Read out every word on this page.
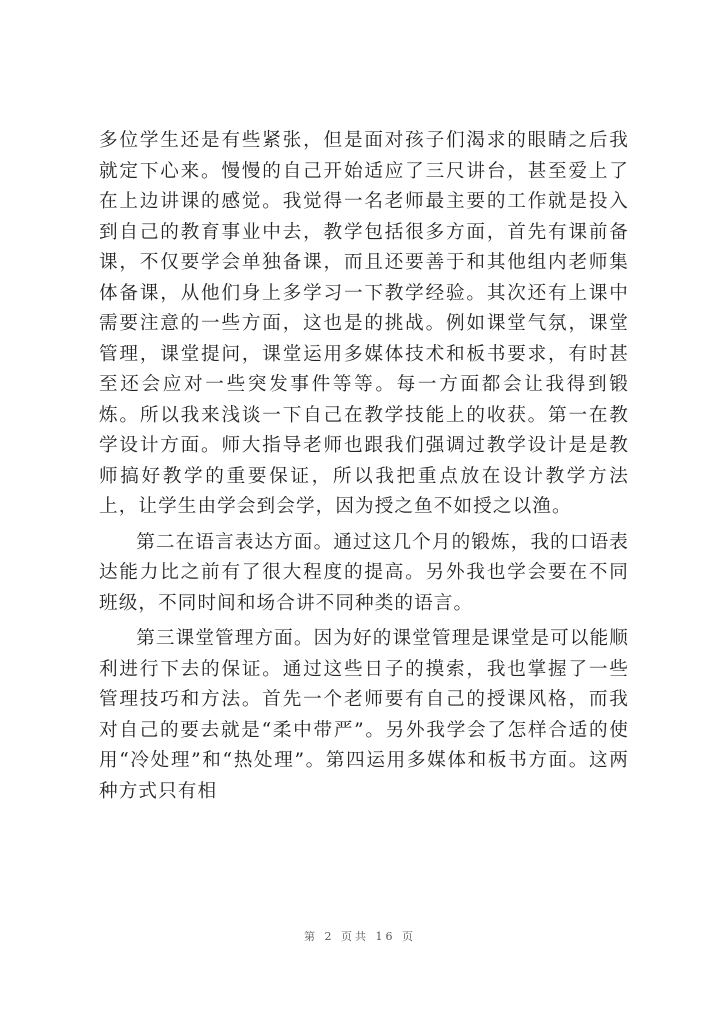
多位学生还是有些紧张，但是面对孩子们渴求的眼睛之后我就定下心来。慢慢的自己开始适应了三尺讲台，甚至爱上了在上边讲课的感觉。我觉得一名老师最主要的工作就是投入到自己的教育事业中去，教学包括很多方面，首先有课前备课，不仅要学会单独备课，而且还要善于和其他组内老师集体备课，从他们身上多学习一下教学经验。其次还有上课中需要注意的一些方面，这也是的挑战。例如课堂气氛，课堂管理，课堂提问，课堂运用多媒体技术和板书要求，有时甚至还会应对一些突发事件等等。每一方面都会让我得到锻炼。所以我来浅谈一下自己在教学技能上的收获。第一在教学设计方面。师大指导老师也跟我们强调过教学设计是是教师搞好教学的重要保证，所以我把重点放在设计教学方法上，让学生由学会到会学，因为授之鱼不如授之以渔。

第二在语言表达方面。通过这几个月的锻炼，我的口语表达能力比之前有了很大程度的提高。另外我也学会要在不同班级，不同时间和场合讲不同种类的语言。

第三课堂管理方面。因为好的课堂管理是课堂是可以能顺利进行下去的保证。通过这些日子的摸索，我也掌握了一些管理技巧和方法。首先一个老师要有自己的授课风格，而我对自己的要去就是“柔中带严”。另外我学会了怎样合适的使用“冷处理”和“热处理”。第四运用多媒体和板书方面。这两种方式只有相

第 2 页共 16 页
